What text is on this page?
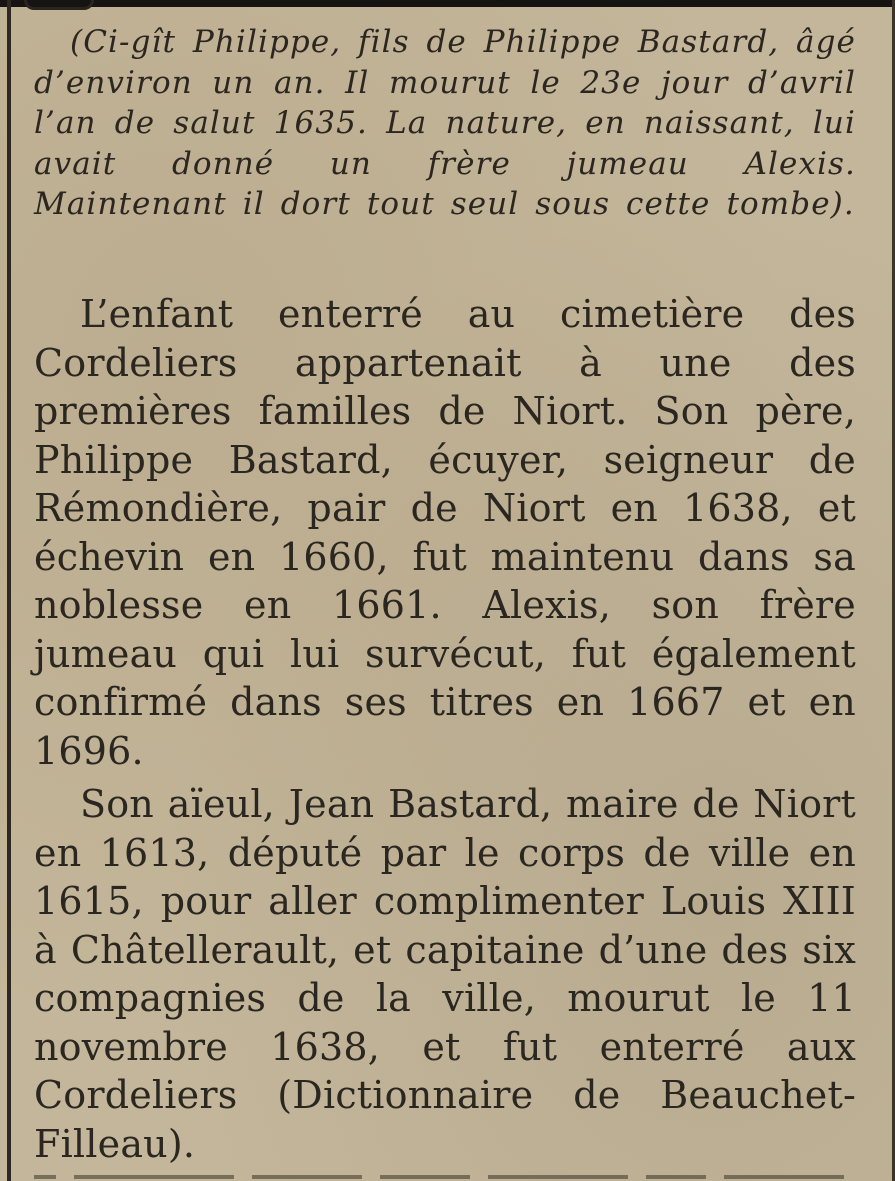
(Ci-gît Philippe, fils de Philippe Bastard, âgé d’environ un an. Il mourut le 23e jour d’avril l’an de salut 1635. La nature, en naissant, lui avait donné un frère jumeau Alexis. Maintenant il dort tout seul sous cette tombe).

L’enfant enterré au cimetière des Cordeliers appartenait à une des premières familles de Niort. Son père, Philippe Bastard, écuyer, seigneur de Rémondière, pair de Niort en 1638, et échevin en 1660, fut maintenu dans sa noblesse en 1661. Alexis, son frère jumeau qui lui survécut, fut également confirmé dans ses titres en 1667 et en 1696.

Son aïeul, Jean Bastard, maire de Niort en 1613, député par le corps de ville en 1615, pour aller complimenter Louis XIII à Châtellerault, et capitaine d’une des six compagnies de la ville, mourut le 11 novembre 1638, et fut enterré aux Cordeliers (Dictionnaire de Beauchet-Filleau).
